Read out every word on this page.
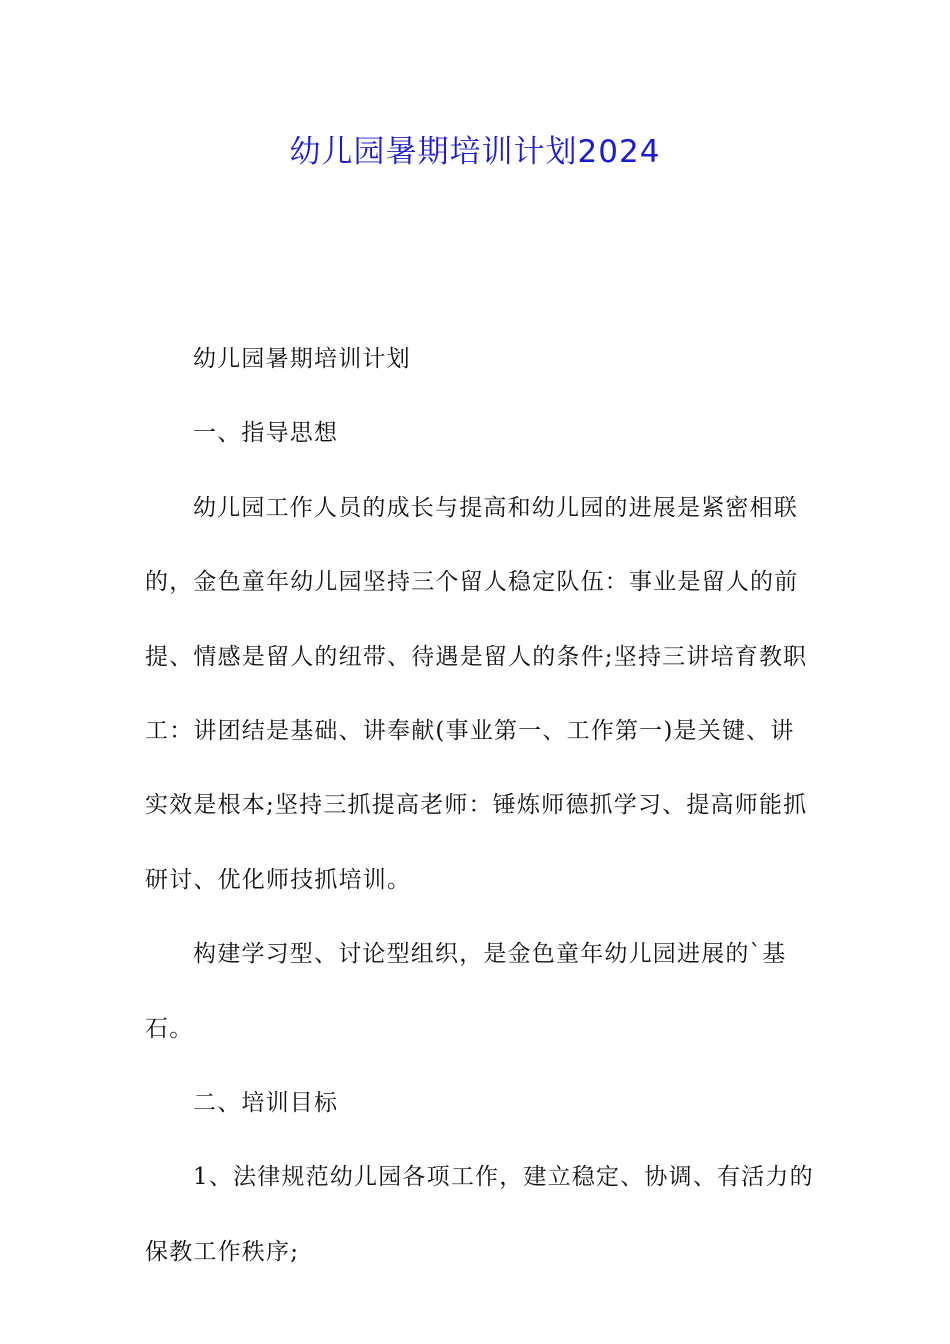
幼儿园暑期培训计划2024

幼儿园暑期培训计划

一、指导思想

幼儿园工作人员的成长与提高和幼儿园的进展是紧密相联的，金色童年幼儿园坚持三个留人稳定队伍：事业是留人的前提、情感是留人的纽带、待遇是留人的条件;坚持三讲培育教职工：讲团结是基础、讲奉献(事业第一、工作第一)是关键、讲实效是根本;坚持三抓提高老师：锤炼师德抓学习、提高师能抓研讨、优化师技抓培训。

构建学习型、讨论型组织，是金色童年幼儿园进展的`基石。

二、培训目标

1、法律规范幼儿园各项工作，建立稳定、协调、有活力的保教工作秩序;
